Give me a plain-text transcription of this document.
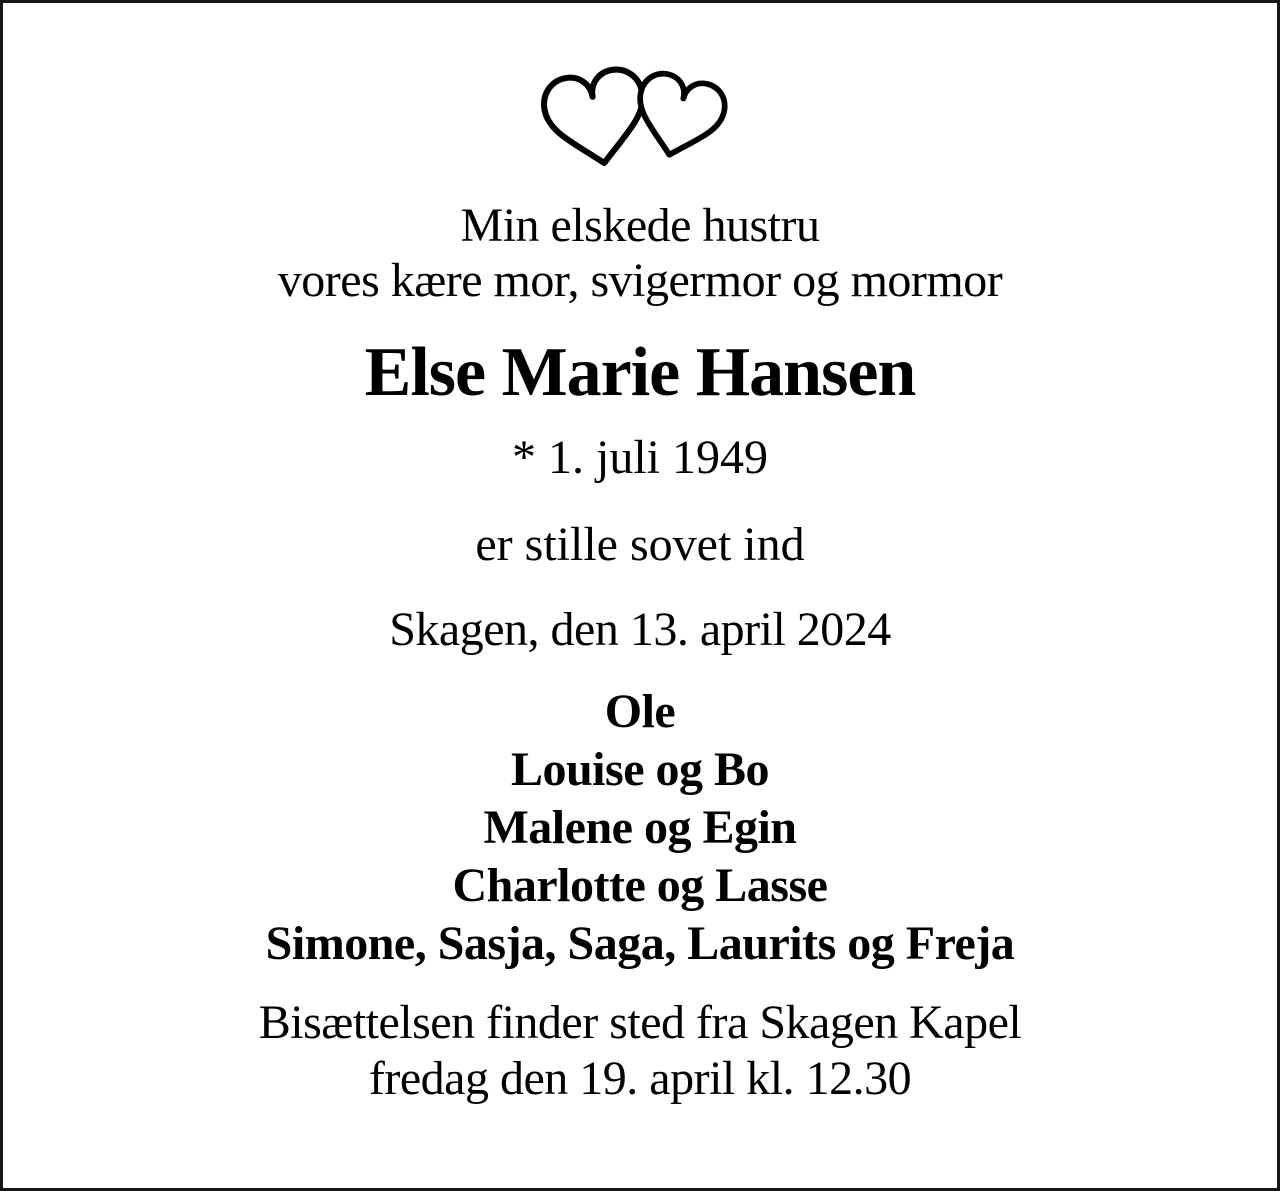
Min elskede hustru
vores kære mor, svigermor og mormor
Else Marie Hansen
* 1. juli 1949
er stille sovet ind
Skagen, den 13. april 2024
Ole
Louise og Bo
Malene og Egin
Charlotte og Lasse
Simone, Sasja, Saga, Laurits og Freja
Bisættelsen finder sted fra Skagen Kapel
fredag den 19. april kl. 12.30
